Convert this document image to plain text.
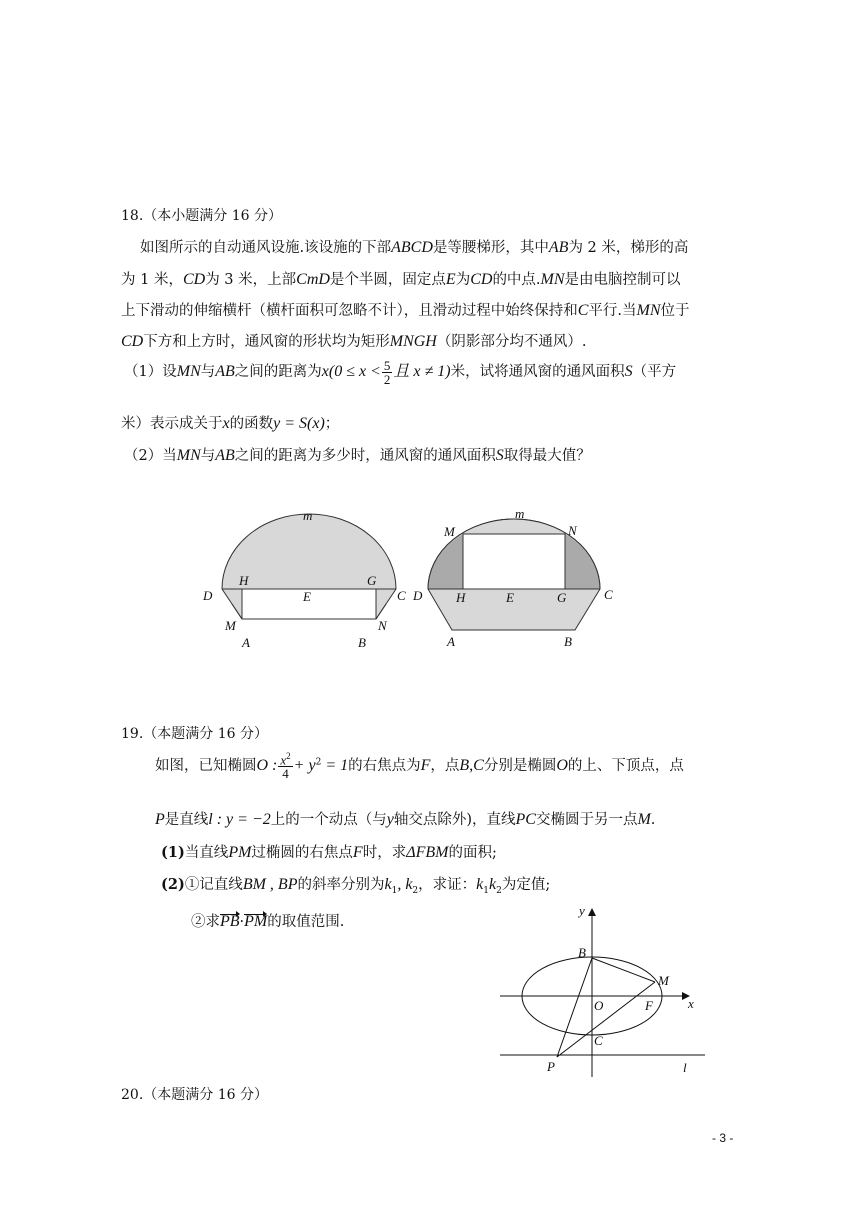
18.（本小题满分 16 分）
如图所示的自动通风设施.该设施的下部ABCD是等腰梯形，其中AB为 2 米，梯形的高
为 1 米，CD为 3 米，上部CmD是个半圆，固定点E为CD的中点.MN是由电脑控制可以
上下滑动的伸缩横杆（横杆面积可忽略不计），且滑动过程中始终保持和C平行.当MN位于
CD下方和上方时，通风窗的形状均为矩形MNGH（阴影部分均不通风）.
（1）设MN与AB之间的距离为$x(0 \le x < \frac{5}{2}$ 且 x ≠ 1)米，试将通风窗的通风面积S（平方
米）表示成关于x的函数y = S(x)；
（2）当MN与AB之间的距离为多少时，通风窗的通风面积S取得最大值？
m
H	G
D	E	C
M	N
A	B
m
M	N
D	H	E	G	C
A	B
19.（本题满分 16 分）
如图，已知椭圆O : $\frac{x^2}{4} + y^2 = 1$的右焦点为F，点B,C分别是椭圆O的上、下顶点，点
P是直线l : y = −2上的一个动点（与y轴交点除外)，直线PC交椭圆于另一点M.
(1)当直线PM过椭圆的右焦点F时，求ΔFBM的面积;
(2)①记直线BM , BP的斜率分别为$k_1$, $k_2$，求证：$k_1k_2$为定值;
②求PB·PM的取值范围.
y
B
M
O	F	x
C
P	l
20.（本题满分 16 分）
- 3 -
